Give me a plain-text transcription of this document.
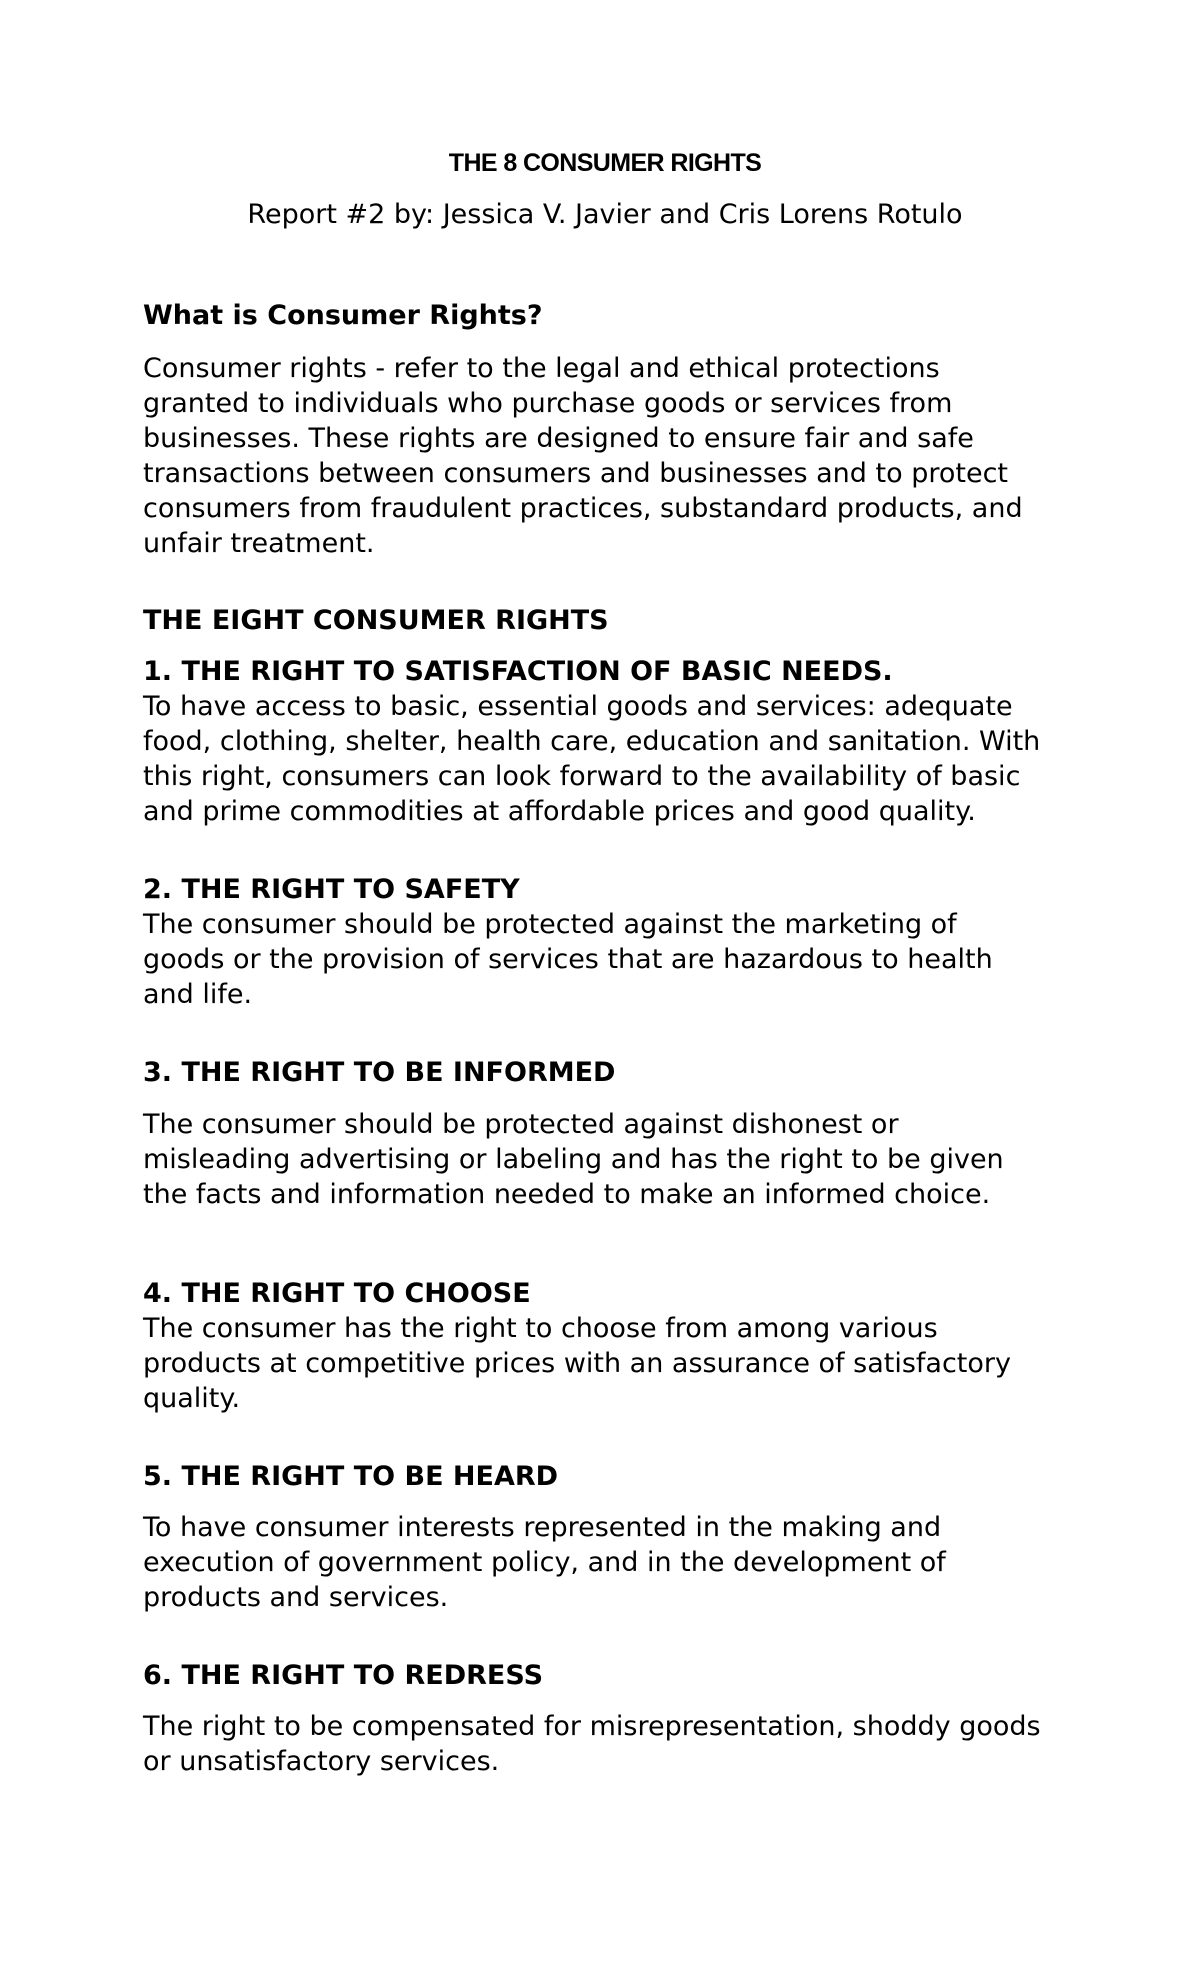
THE 8 CONSUMER RIGHTS
Report #2 by: Jessica V. Javier and Cris Lorens Rotulo
What is Consumer Rights?
Consumer rights - refer to the legal and ethical protections
granted to individuals who purchase goods or services from
businesses. These rights are designed to ensure fair and safe
transactions between consumers and businesses and to protect
consumers from fraudulent practices, substandard products, and
unfair treatment.
THE EIGHT CONSUMER RIGHTS
1. THE RIGHT TO SATISFACTION OF BASIC NEEDS.
To have access to basic, essential goods and services: adequate
food, clothing, shelter, health care, education and sanitation. With
this right, consumers can look forward to the availability of basic
and prime commodities at affordable prices and good quality.
2. THE RIGHT TO SAFETY
The consumer should be protected against the marketing of
goods or the provision of services that are hazardous to health
and life.
3. THE RIGHT TO BE INFORMED
The consumer should be protected against dishonest or
misleading advertising or labeling and has the right to be given
the facts and information needed to make an informed choice.
4. THE RIGHT TO CHOOSE
The consumer has the right to choose from among various
products at competitive prices with an assurance of satisfactory
quality.
5. THE RIGHT TO BE HEARD
To have consumer interests represented in the making and
execution of government policy, and in the development of
products and services.
6. THE RIGHT TO REDRESS
The right to be compensated for misrepresentation, shoddy goods
or unsatisfactory services.
